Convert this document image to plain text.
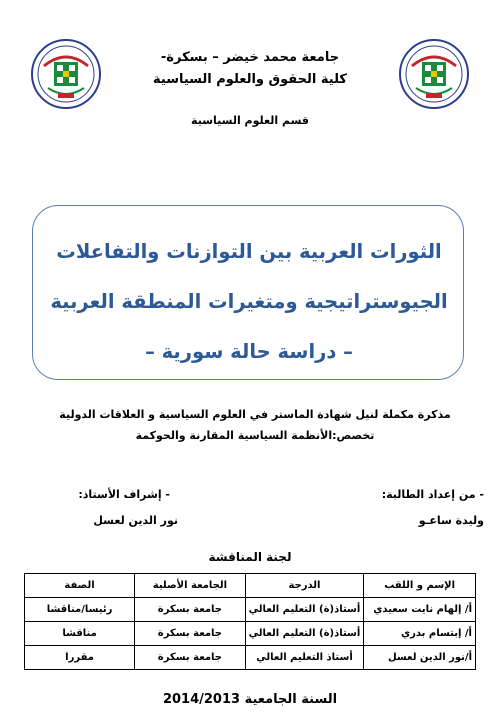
جامعة محمد خيضر – بسكرة-
كلية الحقوق والعلوم السياسية
قسم العلوم السياسية
الثورات العربية بين التوازنات والتفاعلات
الجيوستراتيجية ومتغيرات المنطقة العربية
– دراسة حالة سورية –
مذكرة مكملة لنيل شهادة الماستر في العلوم السياسية و العلاقات الدولية
تخصص:الأنظمة السياسية المقارنة والحوكمة
- من إعداد الطالبة:
وليدة ساعـو
- إشراف الأستاذ:
نور الدين لعسل
لجنة المناقشة
الإسم و اللقب	الدرجة	الجامعة الأصلية	الصفة
أ/ إلهام نايت سعيدي	أستاذ(ة) التعليم العالي	جامعة بسكرة	رئيسا/مناقشا
أ/ إبتسام بدري	أستاذ(ة) التعليم العالي	جامعة بسكرة	مناقشا
أ/نور الدين لعسل	أستاذ التعليم العالي	جامعة بسكرة	مقررا
السنة الجامعية 2014/2013
